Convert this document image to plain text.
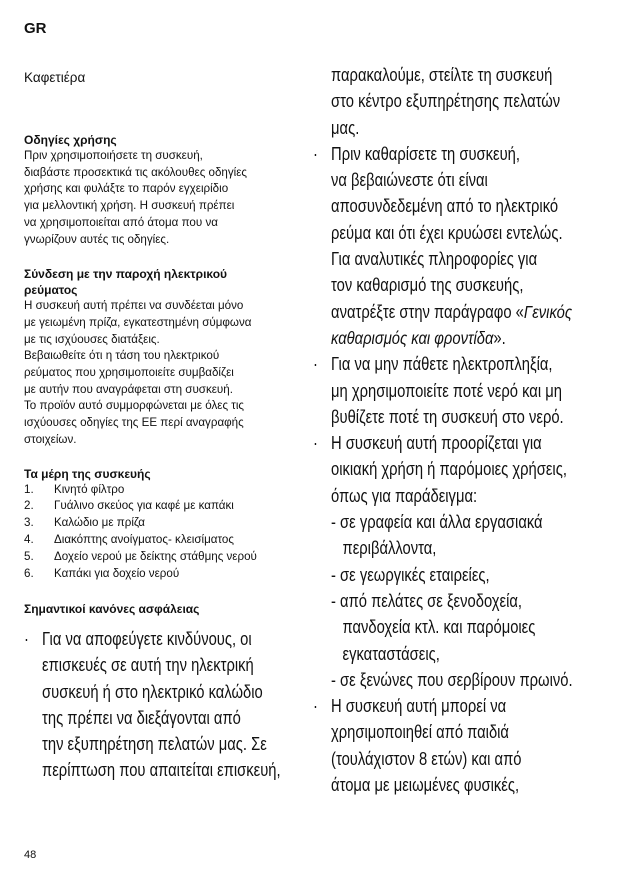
GR
Καφετιέρα

Οδηγίες χρήσης

Πριν χρησιμοποιήσετε τη συσκευή,

διαβάστε προσεκτικά τις ακόλουθες οδηγίες

χρήσης και φυλάξτε το παρόν εγχειρίδιο

για μελλοντική χρήση. Η συσκευή πρέπει

να χρησιμοποιείται από άτομα που να

γνωρίζουν αυτές τις οδηγίες.

Σύνδεση με την παροχή ηλεκτρικού

ρεύματος

Η συσκευή αυτή πρέπει να συνδέεται μόνο

με γειωμένη πρίζα, εγκατεστημένη σύμφωνα

με τις ισχύουσες διατάξεις.

Βεβαιωθείτε ότι η τάση του ηλεκτρικού

ρεύματος που χρησιμοποιείτε συμβαδίζει

με αυτήν που αναγράφεται στη συσκευή.

Το προϊόν αυτό συμμορφώνεται με όλες τις

ισχύουσες οδηγίες της ΕΕ περί αναγραφής

στοιχείων.

Τα μέρη της συσκευής

1.	Κινητό φίλτρο
2.	Γυάλινο σκεύος για καφέ με καπάκι
3.	Καλώδιο με πρίζα
4.	Διακόπτης ανοίγματος- κλεισίματος
5.	Δοχείο νερού με δείκτης στάθμης νερού
6.	Καπάκι για δοχείο νερού

Σημαντικοί κανόνες ασφάλειας

· Για να αποφεύγετε κινδύνους, οι

επισκευές σε αυτή την ηλεκτρική

συσκευή ή στο ηλεκτρικό καλώδιο

της πρέπει να διεξάγονται από

την εξυπηρέτηση πελατών μας. Σε

περίπτωση που απαιτείται επισκευή,

παρακαλούμε, στείλτε τη συσκευή

στο κέντρο εξυπηρέτησης πελατών

μας.

· Πριν καθαρίσετε τη συσκευή,

να βεβαιώνεστε ότι είναι

αποσυνδεδεμένη από το ηλεκτρικό

ρεύμα και ότι έχει κρυώσει εντελώς.

Για αναλυτικές πληροφορίες για

τον καθαρισμό της συσκευής,

ανατρέξτε στην παράγραφο «Γενικός

καθαρισμός και φροντίδα».

· Για να μην πάθετε ηλεκτροπληξία,

μη χρησιμοποιείτε ποτέ νερό και μη

βυθίζετε ποτέ τη συσκευή στο νερό.

· Η συσκευή αυτή προορίζεται για

οικιακή χρήση ή παρόμοιες χρήσεις,

όπως για παράδειγμα:

- σε γραφεία και άλλα εργασιακά

περιβάλλοντα,

- σε γεωργικές εταιρείες,

- από πελάτες σε ξενοδοχεία,

πανδοχεία κτλ. και παρόμοιες

εγκαταστάσεις,

- σε ξενώνες που σερβίρουν πρωινό.

· Η συσκευή αυτή μπορεί να

χρησιμοποιηθεί από παιδιά

(τουλάχιστον 8 ετών) και από

άτομα με μειωμένες φυσικές,

48
